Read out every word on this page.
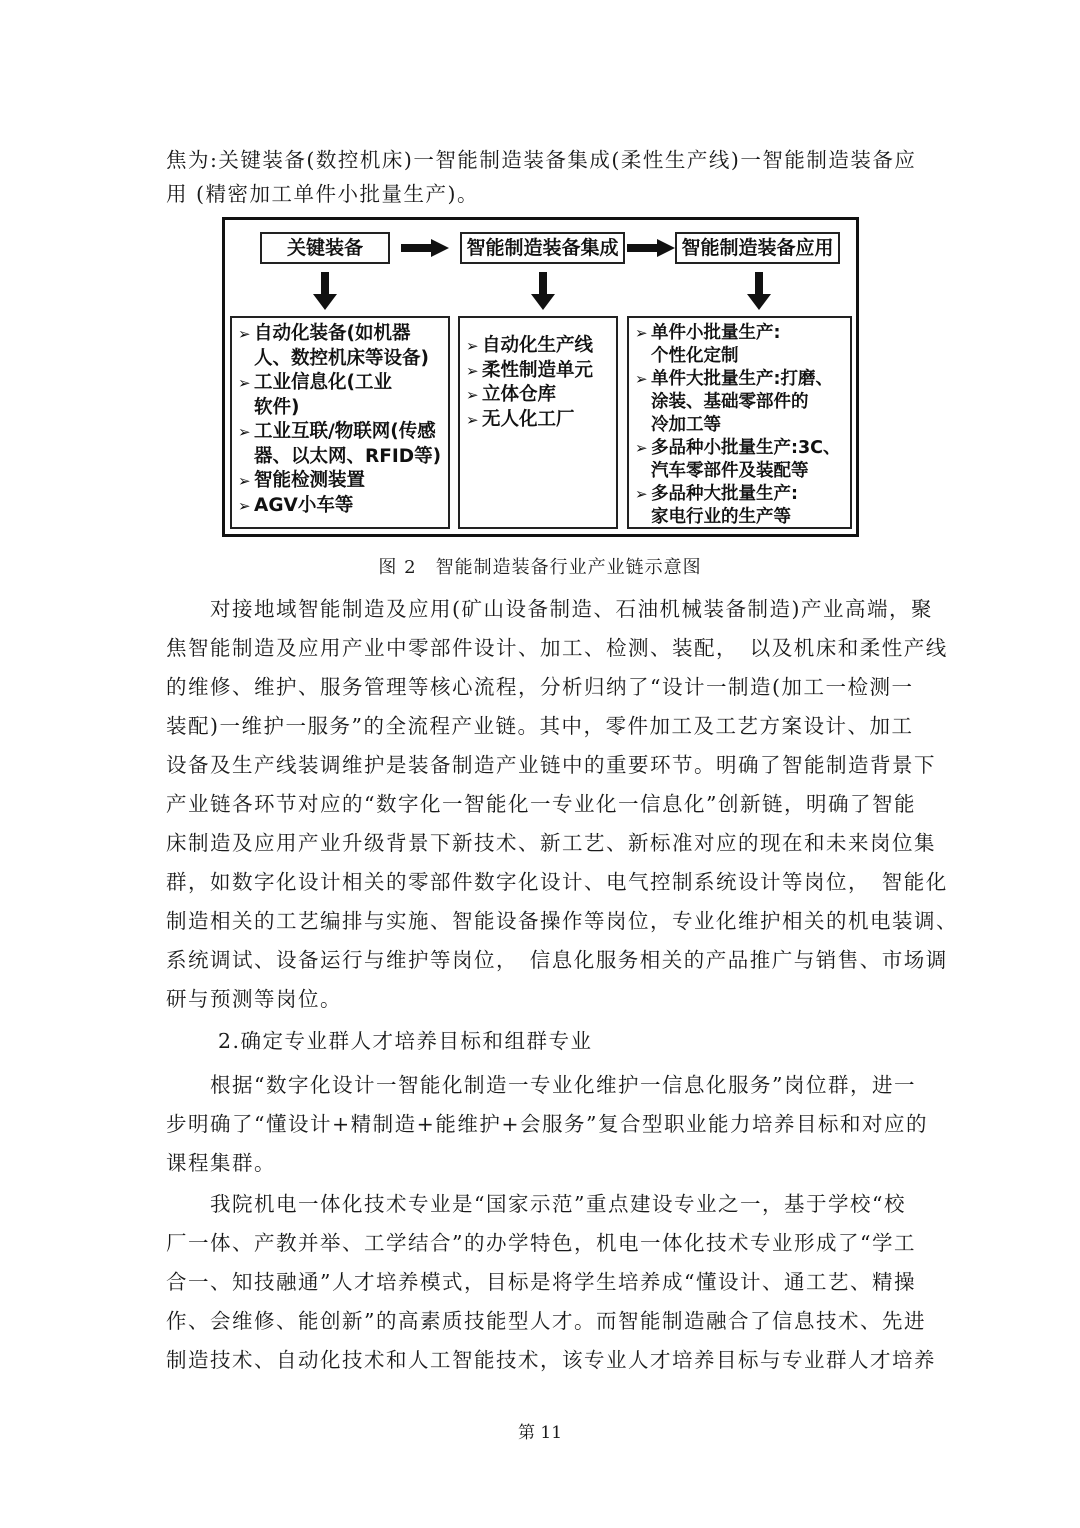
焦为:关键装备(数控机床)一智能制造装备集成(柔性生产线)一智能制造装备应
用 (精密加工单件小批量生产)。
关键装备	智能制造装备集成	智能制造装备应用
➢ 自动化装备(如机器
人、数控机床等设备)
➢ 工业信息化(工业
软件)
➢ 工业互联/物联网(传感
器、以太网、RFID等)
➢ 智能检测装置
➢ AGV小车等
➢ 自动化生产线
➢ 柔性制造单元
➢ 立体仓库
➢ 无人化工厂
➢ 单件小批量生产:
个性化定制
➢ 单件大批量生产:打磨、
涂装、基础零部件的
冷加工等
➢ 多品种小批量生产:3C、
汽车零部件及装配等
➢ 多品种大批量生产:
家电行业的生产等
图 2　智能制造装备行业产业链示意图
对接地域智能制造及应用(矿山设备制造、石油机械装备制造)产业高端，聚
焦智能制造及应用产业中零部件设计、加工、检测、装配，　以及机床和柔性产线
的维修、维护、服务管理等核心流程，分析归纳了“设计一制造(加工一检测一
装配)一维护一服务”的全流程产业链。其中，零件加工及工艺方案设计、加工
设备及生产线装调维护是装备制造产业链中的重要环节。明确了智能制造背景下
产业链各环节对应的“数字化一智能化一专业化一信息化”创新链，明确了智能
床制造及应用产业升级背景下新技术、新工艺、新标准对应的现在和未来岗位集
群，如数字化设计相关的零部件数字化设计、电气控制系统设计等岗位，　智能化
制造相关的工艺编排与实施、智能设备操作等岗位，专业化维护相关的机电装调、
系统调试、设备运行与维护等岗位，　信息化服务相关的产品推广与销售、市场调
研与预测等岗位。
2.确定专业群人才培养目标和组群专业
根据“数字化设计一智能化制造一专业化维护一信息化服务”岗位群，进一
步明确了“懂设计+精制造+能维护+会服务”复合型职业能力培养目标和对应的
课程集群。
我院机电一体化技术专业是“国家示范”重点建设专业之一，基于学校“校
厂一体、产教并举、工学结合”的办学特色，机电一体化技术专业形成了“学工
合一、知技融通”人才培养模式，目标是将学生培养成“懂设计、通工艺、精操
作、会维修、能创新”的高素质技能型人才。而智能制造融合了信息技术、先进
制造技术、自动化技术和人工智能技术，该专业人才培养目标与专业群人才培养
第 11
